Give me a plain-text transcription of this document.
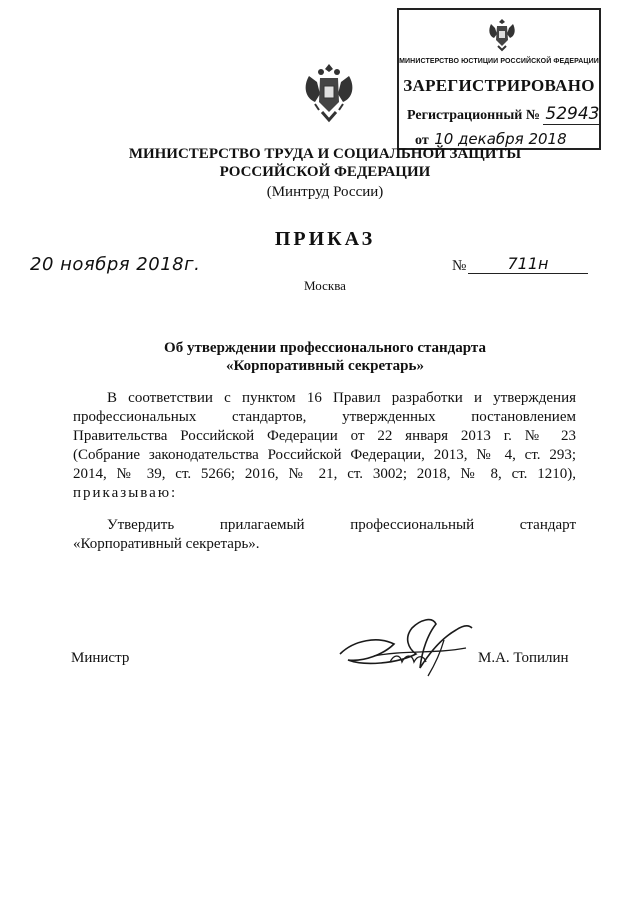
МИНИСТЕРСТВО ЮСТИЦИИ РОССИЙСКОЙ ФЕДЕРАЦИИ
ЗАРЕГИСТРИРОВАНО
Регистрационный № 52943
от 10 декабря 2018
МИНИСТЕРСТВО ТРУДА И СОЦИАЛЬНОЙ ЗАЩИТЫ
РОССИЙСКОЙ ФЕДЕРАЦИИ
(Минтруд России)
ПРИКАЗ
20 ноября 2018г.	№	711н
Москва
Об утверждении профессионального стандарта
«Корпоративный секретарь»

В соответствии с пунктом 16 Правил разработки и утверждения

профессиональных стандартов, утвержденных постановлением

Правительства Российской Федерации от 22 января 2013 г. № 23

(Собрание законодательства Российской Федерации, 2013, № 4, ст. 293;

2014, № 39, ст. 5266; 2016, № 21, ст. 3002; 2018, № 8, ст. 1210),

приказываю:

Утвердить прилагаемый профессиональный стандарт

«Корпоративный секретарь».

Министр	М.А. Топилин
